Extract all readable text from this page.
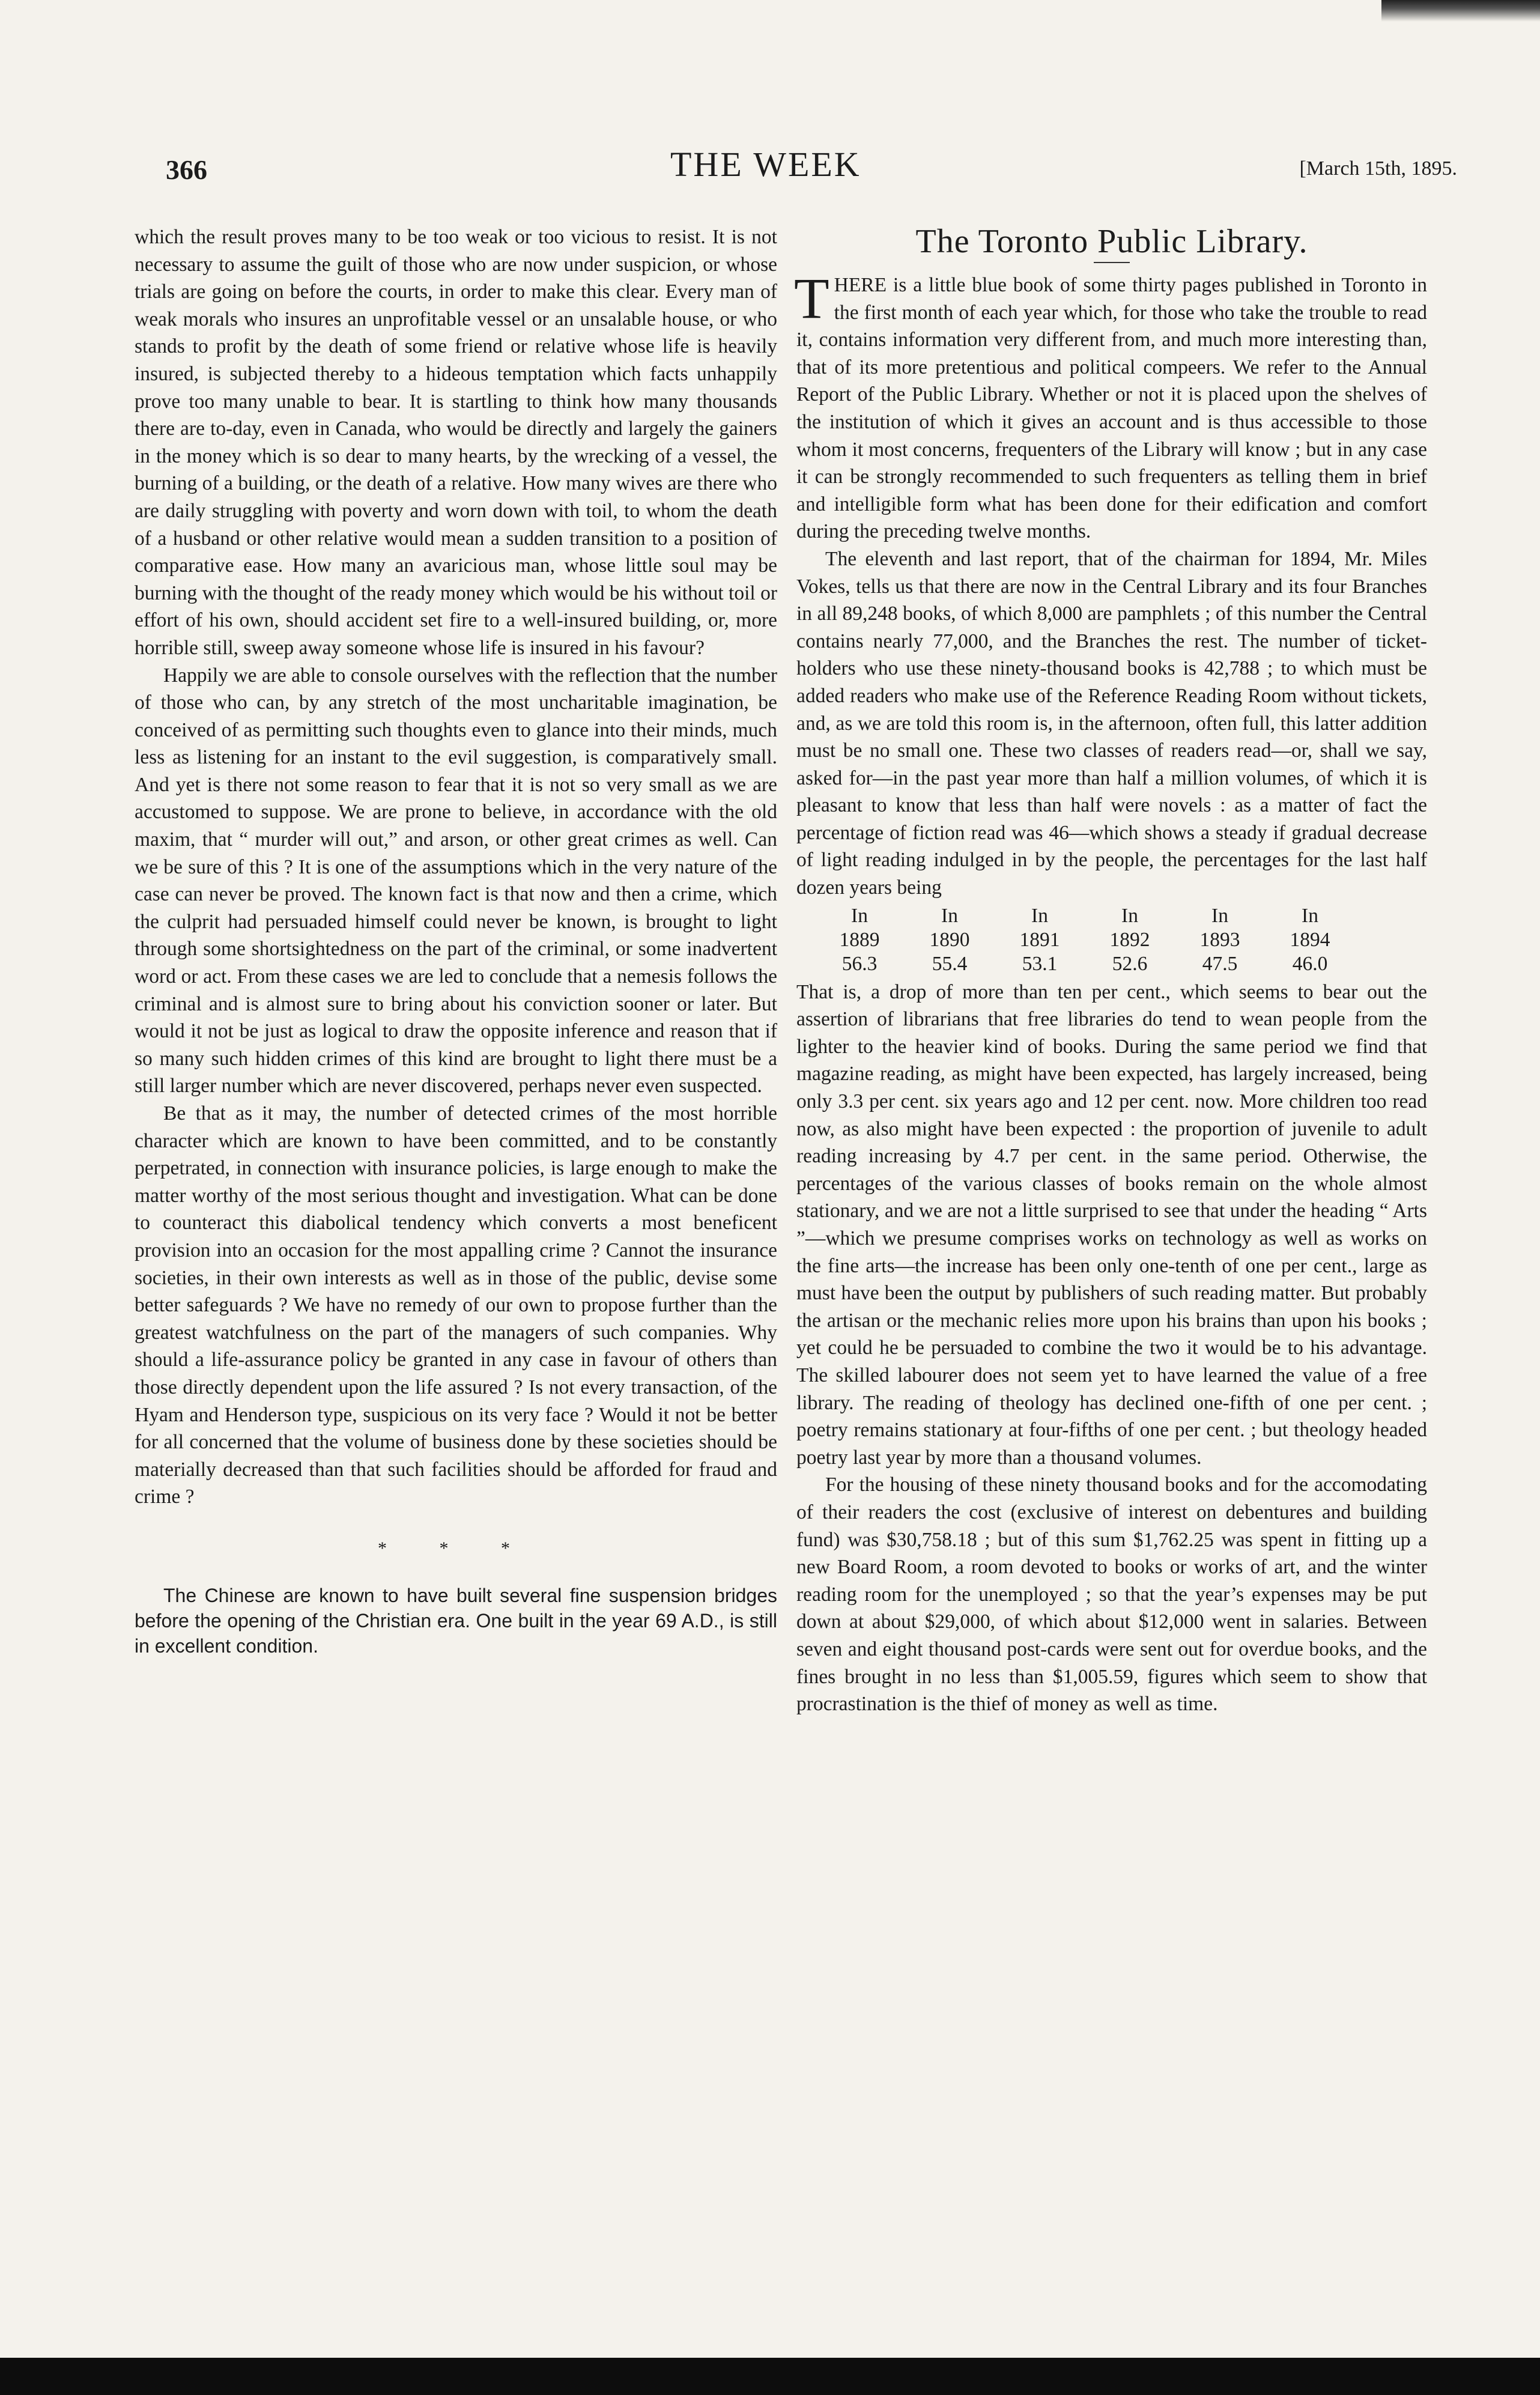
366	THE WEEK	[March 15th, 1895.

which the result proves many to be too weak or too vicious to resist. It is not necessary to assume the guilt of those who are now under suspicion, or whose trials are going on before the courts, in order to make this clear. Every man of weak morals who insures an unprofitable vessel or an unsalable house, or who stands to profit by the death of some friend or relative whose life is heavily insured, is subjected thereby to a hideous temptation which facts unhappily prove too many unable to bear. It is startling to think how many thousands there are to-day, even in Canada, who would be directly and largely the gainers in the money which is so dear to many hearts, by the wrecking of a vessel, the burning of a building, or the death of a relative. How many wives are there who are daily struggling with poverty and worn down with toil, to whom the death of a husband or other relative would mean a sudden transition to a position of comparative ease. How many an avaricious man, whose little soul may be burning with the thought of the ready money which would be his without toil or effort of his own, should accident set fire to a well-insured building, or, more horrible still, sweep away someone whose life is insured in his favour?

Happily we are able to console ourselves with the reflection that the number of those who can, by any stretch of the most uncharitable imagination, be conceived of as permitting such thoughts even to glance into their minds, much less as listening for an instant to the evil suggestion, is comparatively small. And yet is there not some reason to fear that it is not so very small as we are accustomed to suppose. We are prone to believe, in accordance with the old maxim, that “ murder will out,” and arson, or other great crimes as well. Can we be sure of this ? It is one of the assumptions which in the very nature of the case can never be proved. The known fact is that now and then a crime, which the culprit had persuaded himself could never be known, is brought to light through some shortsightedness on the part of the criminal, or some inadvertent word or act. From these cases we are led to conclude that a nemesis follows the criminal and is almost sure to bring about his conviction sooner or later. But would it not be just as logical to draw the opposite inference and reason that if so many such hidden crimes of this kind are brought to light there must be a still larger number which are never discovered, perhaps never even suspected.

Be that as it may, the number of detected crimes of the most horrible character which are known to have been committed, and to be constantly perpetrated, in connection with insurance policies, is large enough to make the matter worthy of the most serious thought and investigation. What can be done to counteract this diabolical tendency which converts a most beneficent provision into an occasion for the most appalling crime ? Cannot the insurance societies, in their own interests as well as in those of the public, devise some better safeguards ? We have no remedy of our own to propose further than the greatest watchfulness on the part of the managers of such companies. Why should a life-assurance policy be granted in any case in favour of others than those directly dependent upon the life assured ? Is not every transaction, of the Hyam and Henderson type, suspicious on its very face ? Would it not be better for all concerned that the volume of business done by these societies should be materially decreased than that such facilities should be afforded for fraud and crime ?

* * *

The Chinese are known to have built several fine suspension bridges before the opening of the Christian era. One built in the year 69 A.D., is still in excellent condition.

The Toronto Public Library.

THERE is a little blue book of some thirty pages published in Toronto in the first month of each year which, for those who take the trouble to read it, contains information very different from, and much more interesting than, that of its more pretentious and political compeers. We refer to the Annual Report of the Public Library. Whether or not it is placed upon the shelves of the institution of which it gives an account and is thus accessible to those whom it most concerns, frequenters of the Library will know ; but in any case it can be strongly recommended to such frequenters as telling them in brief and intelligible form what has been done for their edification and comfort during the preceding twelve months.

The eleventh and last report, that of the chairman for 1894, Mr. Miles Vokes, tells us that there are now in the Central Library and its four Branches in all 89,248 books, of which 8,000 are pamphlets ; of this number the Central contains nearly 77,000, and the Branches the rest. The number of ticket-holders who use these ninety-thousand books is 42,788 ; to which must be added readers who make use of the Reference Reading Room without tickets, and, as we are told this room is, in the afternoon, often full, this latter addition must be no small one. These two classes of readers read—or, shall we say, asked for—in the past year more than half a million volumes, of which it is pleasant to know that less than half were novels : as a matter of fact the percentage of fiction read was 46—which shows a steady if gradual decrease of light reading indulged in by the people, the percentages for the last half dozen years being

In	In	In	In	In	In
1889	1890	1891	1892	1893	1894
56.3	55.4	53.1	52.6	47.5	46.0

That is, a drop of more than ten per cent., which seems to bear out the assertion of librarians that free libraries do tend to wean people from the lighter to the heavier kind of books. During the same period we find that magazine reading, as might have been expected, has largely increased, being only 3.3 per cent. six years ago and 12 per cent. now. More children too read now, as also might have been expected : the proportion of juvenile to adult reading increasing by 4.7 per cent. in the same period. Otherwise, the percentages of the various classes of books remain on the whole almost stationary, and we are not a little surprised to see that under the heading “ Arts ”—which we presume comprises works on technology as well as works on the fine arts—the increase has been only one-tenth of one per cent., large as must have been the output by publishers of such reading matter. But probably the artisan or the mechanic relies more upon his brains than upon his books ; yet could he be persuaded to combine the two it would be to his advantage. The skilled labourer does not seem yet to have learned the value of a free library. The reading of theology has declined one-fifth of one per cent. ; poetry remains stationary at four-fifths of one per cent. ; but theology headed poetry last year by more than a thousand volumes.

For the housing of these ninety thousand books and for the accomodating of their readers the cost (exclusive of interest on debentures and building fund) was $30,758.18 ; but of this sum $1,762.25 was spent in fitting up a new Board Room, a room devoted to books or works of art, and the winter reading room for the unemployed ; so that the year’s expenses may be put down at about $29,000, of which about $12,000 went in salaries. Between seven and eight thousand post-cards were sent out for overdue books, and the fines brought in no less than $1,005.59, figures which seem to show that procrastination is the thief of money as well as time.
